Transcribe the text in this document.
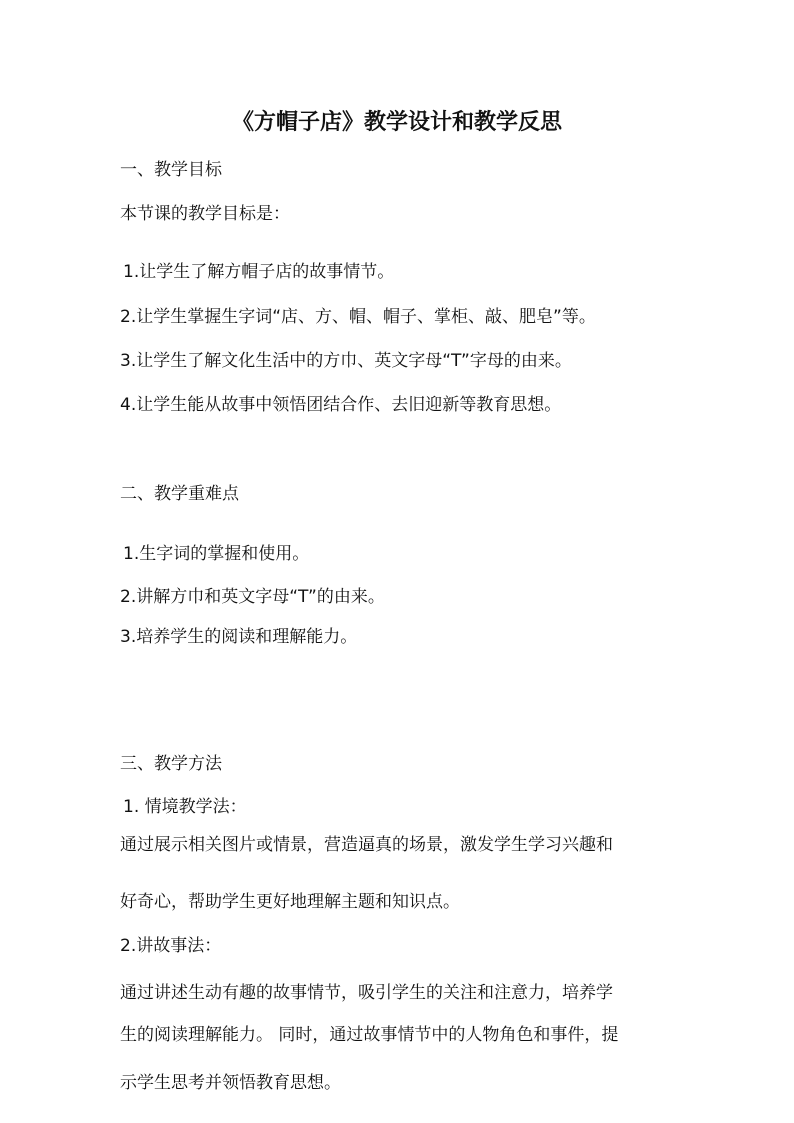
《方帽子店》教学设计和教学反思
一、教学目标
本节课的教学目标是：
1.让学生了解方帽子店的故事情节。
2.让学生掌握生字词“店、方、帽、帽子、掌柜、敲、肥皂”等。
3.让学生了解文化生活中的方巾、英文字母“T”字母的由来。
4.让学生能从故事中领悟团结合作、去旧迎新等教育思想。
二、教学重难点
1.生字词的掌握和使用。
2.讲解方巾和英文字母“T”的由来。
3.培养学生的阅读和理解能力。
三、教学方法
1. 情境教学法：
通过展示相关图片或情景，营造逼真的场景，激发学生学习兴趣和
好奇心，帮助学生更好地理解主题和知识点。
2.讲故事法：
通过讲述生动有趣的故事情节，吸引学生的关注和注意力，培养学
生的阅读理解能力。 同时，通过故事情节中的人物角色和事件，提
示学生思考并领悟教育思想。
